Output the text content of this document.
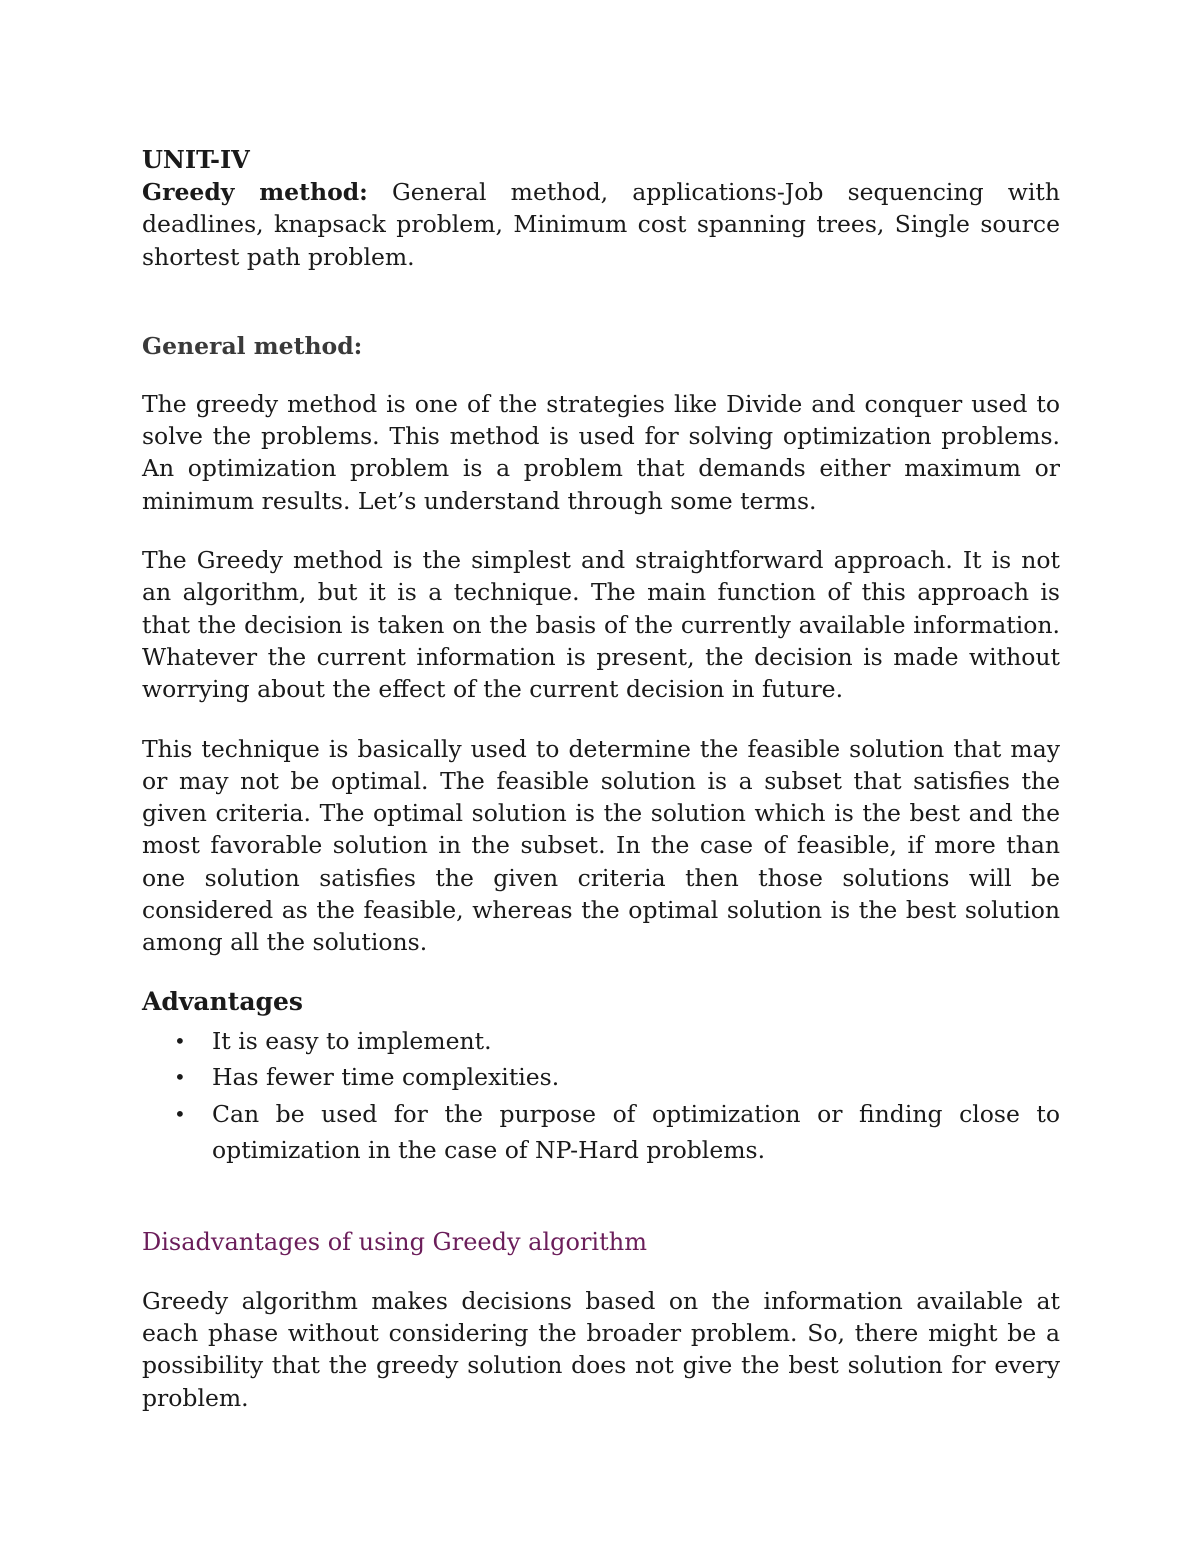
UNIT-IV

Greedy method: General method, applications-Job sequencing with deadlines, knapsack problem, Minimum cost spanning trees, Single source shortest path problem.

General method:

The greedy method is one of the strategies like Divide and conquer used to solve the problems. This method is used for solving optimization problems. An optimization problem is a problem that demands either maximum or minimum results. Let’s understand through some terms.

The Greedy method is the simplest and straightforward approach. It is not an algorithm, but it is a technique. The main function of this approach is that the decision is taken on the basis of the currently available information. Whatever the current information is present, the decision is made without worrying about the effect of the current decision in future.

This technique is basically used to determine the feasible solution that may or may not be optimal. The feasible solution is a subset that satisfies the given criteria. The optimal solution is the solution which is the best and the most favorable solution in the subset. In the case of feasible, if more than one solution satisfies the given criteria then those solutions will be considered as the feasible, whereas the optimal solution is the best solution among all the solutions.

Advantages

• It is easy to implement.
• Has fewer time complexities.
• Can be used for the purpose of optimization or finding close to optimization in the case of NP-Hard problems.

Disadvantages of using Greedy algorithm

Greedy algorithm makes decisions based on the information available at each phase without considering the broader problem. So, there might be a possibility that the greedy solution does not give the best solution for every problem.
